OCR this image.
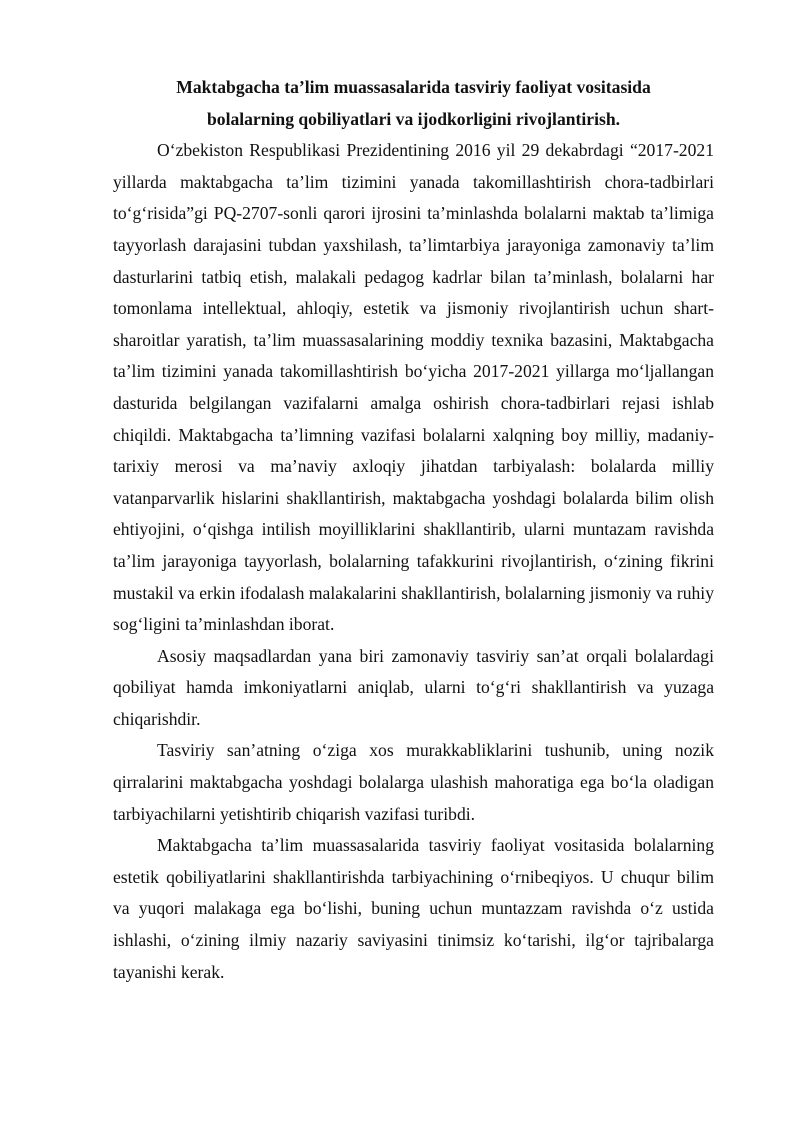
Maktabgacha ta’lim muassasalarida tasviriy faoliyat vositasida
bolalarning qobiliyatlari va ijodkorligini rivojlantirish.

O‘zbekiston Respublikasi Prezidentining 2016 yil 29 dekabrdagi “2017-2021 yillarda maktabgacha ta’lim tizimini yanada takomillashtirish chora-tadbirlari to‘g‘risida”gi PQ-2707-sonli qarori ijrosini ta’minlashda bolalarni maktab ta’limiga tayyorlash darajasini tubdan yaxshilash, ta’limtarbiya jarayoniga zamonaviy ta’lim dasturlarini tatbiq etish, malakali pedagog kadrlar bilan ta’minlash, bolalarni har tomonlama intellektual, ahloqiy, estetik va jismoniy rivojlantirish uchun shart-sharoitlar yaratish, ta’lim muassasalarining moddiy texnika bazasini, Maktabgacha ta’lim tizimini yanada takomillashtirish bo‘yicha 2017-2021 yillarga mo‘ljallangan dasturida belgilangan vazifalarni amalga oshirish chora-tadbirlari rejasi ishlab chiqildi. Maktabgacha ta’limning vazifasi bolalarni xalqning boy milliy, madaniy-tarixiy merosi va ma’naviy axloqiy jihatdan tarbiyalash: bolalarda milliy vatanparvarlik hislarini shakllantirish, maktabgacha yoshdagi bolalarda bilim olish ehtiyojini, o‘qishga intilish moyilliklarini shakllantirib, ularni muntazam ravishda ta’lim jarayoniga tayyorlash, bolalarning tafakkurini rivojlantirish, o‘zining fikrini mustakil va erkin ifodalash malakalarini shakllantirish, bolalarning jismoniy va ruhiy sog‘ligini ta’minlashdan iborat.

Asosiy maqsadlardan yana biri zamonaviy tasviriy san’at orqali bolalardagi qobiliyat hamda imkoniyatlarni aniqlab, ularni to‘g‘ri shakllantirish va yuzaga chiqarishdir.

Tasviriy san’atning o‘ziga xos murakkabliklarini tushunib, uning nozik qirralarini maktabgacha yoshdagi bolalarga ulashish mahoratiga ega bo‘la oladigan tarbiyachilarni yetishtirib chiqarish vazifasi turibdi.

Maktabgacha ta’lim muassasalarida tasviriy faoliyat vositasida bolalarning estetik qobiliyatlarini shakllantirishda tarbiyachining o‘rnibeqiyos. U chuqur bilim va yuqori malakaga ega bo‘lishi, buning uchun muntazzam ravishda o‘z ustida ishlashi, o‘zining ilmiy nazariy saviyasini tinimsiz ko‘tarishi, ilg‘or tajribalarga tayanishi kerak.
